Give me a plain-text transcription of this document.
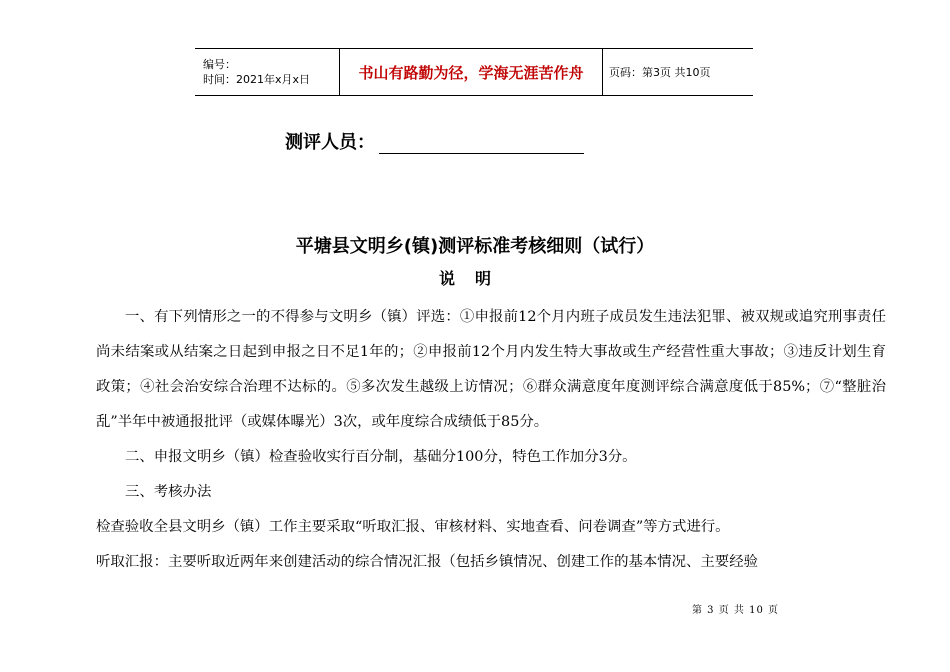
编号：
时间：2021年x月x日	书山有路勤为径，学海无涯苦作舟 页码：第3页 共10页
测评人员：
平塘县文明乡(镇)测评标准考核细则（试行）
说明

一、有下列情形之一的不得参与文明乡（镇）评选：①申报前12个月内班子成员发生违法犯罪、被双规或追究刑事责任尚未结案或从结案之日起到申报之日不足1年的；②申报前12个月内发生特大事故或生产经营性重大事故；③违反计划生育政策；④社会治安综合治理不达标的。⑤多次发生越级上访情况；⑥群众满意度年度测评综合满意度低于85%；⑦“整脏治乱”半年中被通报批评（或媒体曝光）3次，或年度综合成绩低于85分。

二、申报文明乡（镇）检查验收实行百分制，基础分100分，特色工作加分3分。

三、考核办法

检查验收全县文明乡（镇）工作主要采取“听取汇报、审核材料、实地查看、问卷调查”等方式进行。

听取汇报：主要听取近两年来创建活动的综合情况汇报（包括乡镇情况、创建工作的基本情况、主要经验

第 3 页 共 10 页
